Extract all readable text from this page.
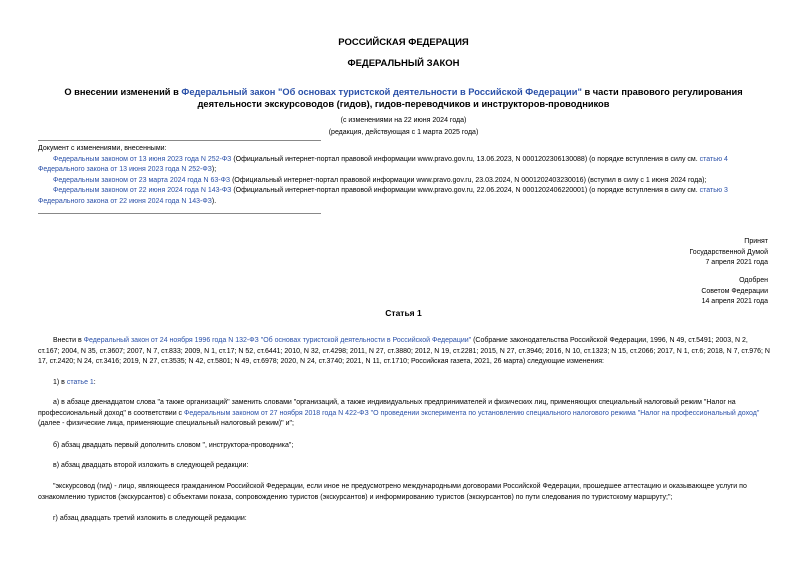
РОССИЙСКАЯ ФЕДЕРАЦИЯ
ФЕДЕРАЛЬНЫЙ ЗАКОН
О внесении изменений в Федеральный закон "Об основах туристской деятельности в Российской Федерации" в части правового регулирования деятельности экскурсоводов (гидов), гидов-переводчиков и инструкторов-проводников
(с изменениями на 22 июня 2024 года)
(редакция, действующая с 1 марта 2025 года)
Документ с изменениями, внесенными:
Федеральным законом от 13 июня 2023 года N 252-ФЗ (Официальный интернет-портал правовой информации www.pravo.gov.ru, 13.06.2023, N 0001202306130088) (о порядке вступления в силу см. статью 4 Федерального закона от 13 июня 2023 года N 252-ФЗ);
Федеральным законом от 23 марта 2024 года N 63-ФЗ (Официальный интернет-портал правовой информации www.pravo.gov.ru, 23.03.2024, N 0001202403230016) (вступил в силу с 1 июня 2024 года);
Федеральным законом от 22 июня 2024 года N 143-ФЗ (Официальный интернет-портал правовой информации www.pravo.gov.ru, 22.06.2024, N 0001202406220001) (о порядке вступления в силу см. статью 3 Федерального закона от 22 июня 2024 года N 143-ФЗ).
Принят
Государственной Думой
7 апреля 2021 года
Одобрен
Советом Федерации
14 апреля 2021 года
Статья 1
Внести в Федеральный закон от 24 ноября 1996 года N 132-ФЗ "Об основах туристской деятельности в Российской Федерации" (Собрание законодательства Российской Федерации, 1996, N 49, ст.5491; 2003, N 2, ст.167; 2004, N 35, ст.3607; 2007, N 7, ст.833; 2009, N 1, ст.17; N 52, ст.6441; 2010, N 32, ст.4298; 2011, N 27, ст.3880; 2012, N 19, ст.2281; 2015, N 27, ст.3946; 2016, N 10, ст.1323; N 15, ст.2066; 2017, N 1, ст.6; 2018, N 7, ст.976; N 17, ст.2420; N 24, ст.3416; 2019, N 27, ст.3535; N 42, ст.5801; N 49, ст.6978; 2020, N 24, ст.3740; 2021, N 11, ст.1710; Российская газета, 2021, 26 марта) следующие изменения:
1) в статье 1:
а) в абзаце двенадцатом слова "а также организаций" заменить словами "организаций, а также индивидуальных предпринимателей и физических лиц, применяющих специальный налоговый режим "Налог на профессиональный доход" в соответствии с Федеральным законом от 27 ноября 2018 года N 422-ФЗ "О проведении эксперимента по установлению специального налогового режима "Налог на профессиональный доход" (далее - физические лица, применяющие специальный налоговый режим)" и";
б) абзац двадцать первый дополнить словом ", инструктора-проводника";
в) абзац двадцать второй изложить в следующей редакции:
"экскурсовод (гид) - лицо, являющееся гражданином Российской Федерации, если иное не предусмотрено международными договорами Российской Федерации, прошедшее аттестацию и оказывающее услуги по ознакомлению туристов (экскурсантов) с объектами показа, сопровождению туристов (экскурсантов) и информированию туристов (экскурсантов) по пути следования по туристскому маршруту;";
г) абзац двадцать третий изложить в следующей редакции:
